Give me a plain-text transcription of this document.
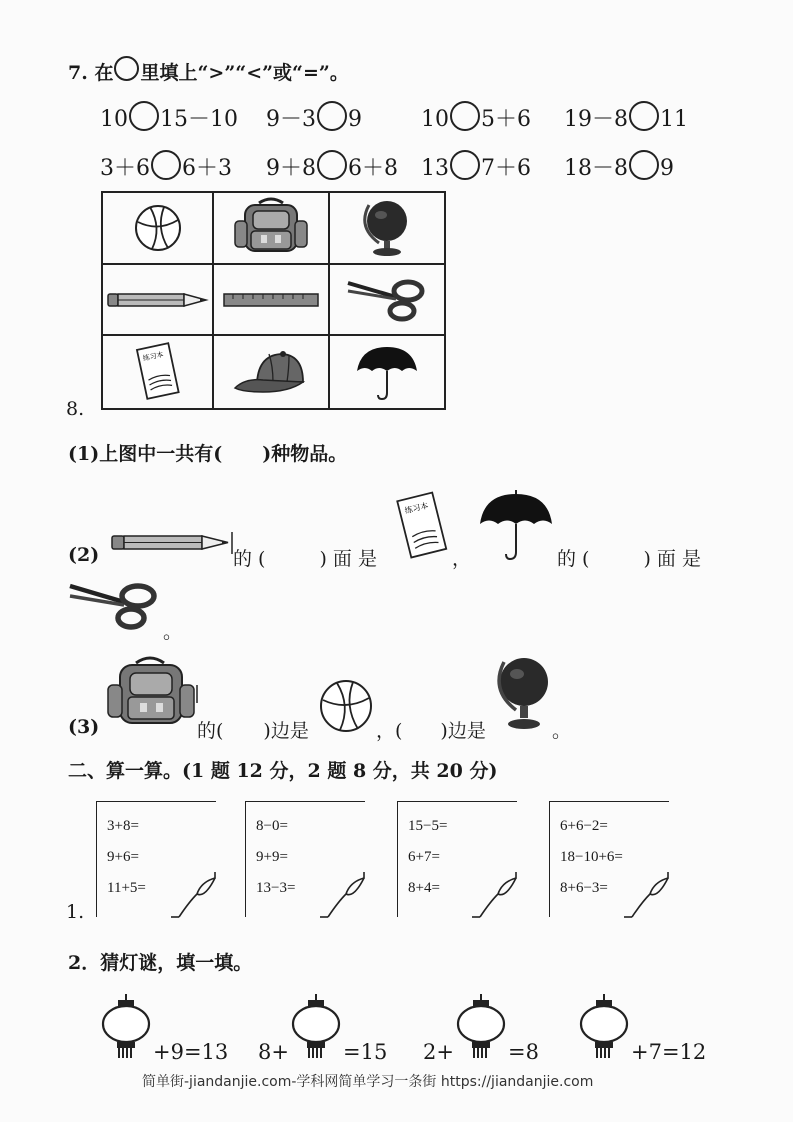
7. 在 里填上“>”“<”或“=”。
10 15－10 9－3 9	10 5＋6 19－8 11
3＋6 6＋3 9＋8 6＋8 13 7＋6 18－8 9
练习本
8.
(1)上图中一共有( )种物品。
(2)	的 (	) 面 是
练习本
，	的 (	) 面 是
。
(3)	的( )边是	，( )边是	。
二、算一算。(1 题 12 分，2 题 8 分，共 20 分)
1.
3+8=
9+6=
11+5=
8−0=
9+9=
13−3=
15−5=
6+7=
8+4=
6+6−2=
18−10+6=
8+6−3=
2．猜灯谜，填一填。
+9=13 8+	=15 2+	=8	+7=12
简单街-jiandanjie.com-学科网简单学习一条街 https://jiandanjie.com
